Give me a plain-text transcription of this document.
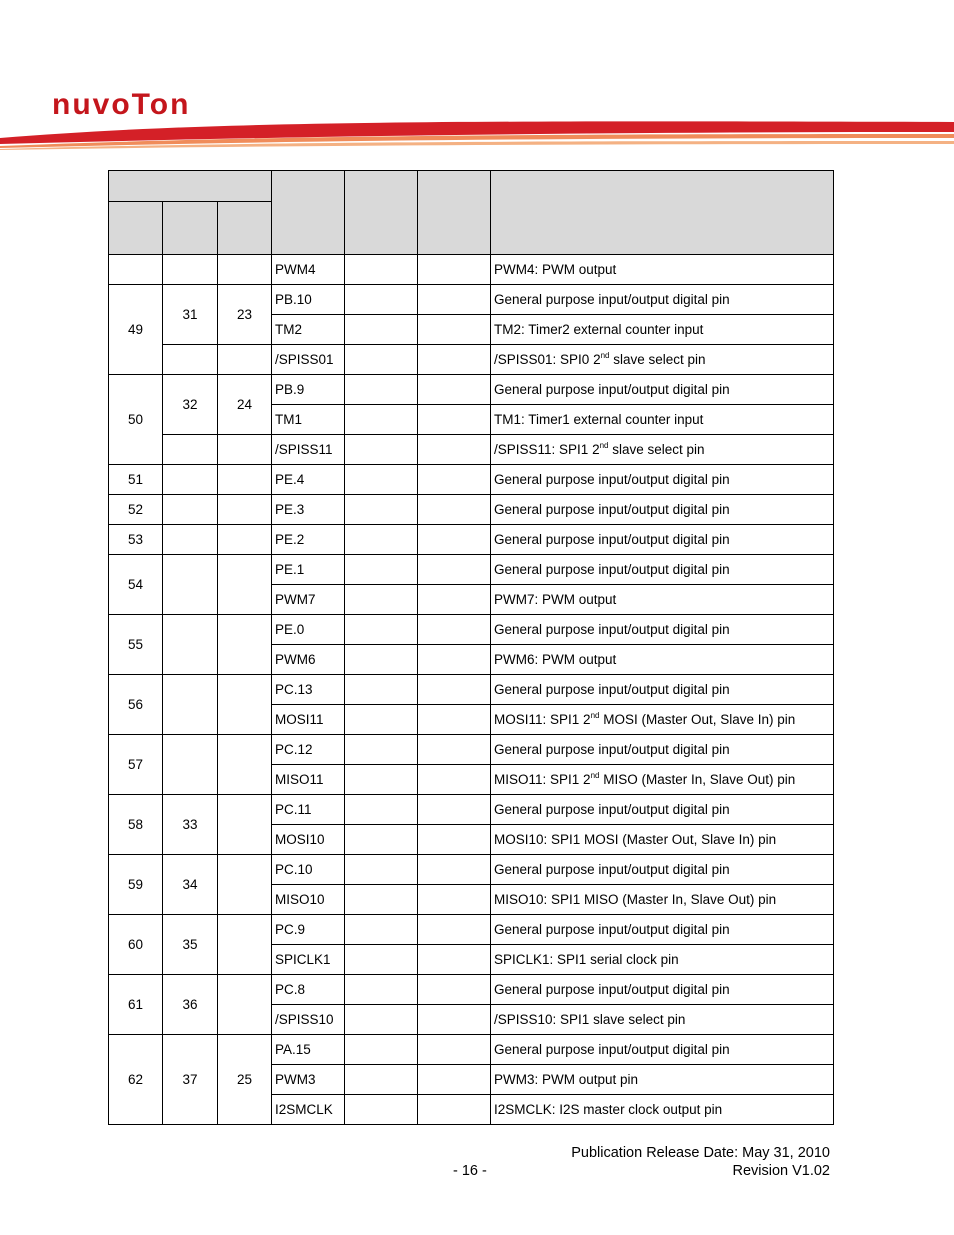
nuvoTon

			PWM4			PWM4: PWM output
49	31	23	PB.10			General purpose input/output digital pin
			TM2			TM2: Timer2 external counter input
			/SPISS01			/SPISS01: SPI0 2nd slave select pin
50	32	24	PB.9			General purpose input/output digital pin
			TM1			TM1: Timer1 external counter input
			/SPISS11			/SPISS11: SPI1 2nd slave select pin
51			PE.4			General purpose input/output digital pin
52			PE.3			General purpose input/output digital pin
53			PE.2			General purpose input/output digital pin
54			PE.1			General purpose input/output digital pin
			PWM7			PWM7: PWM output
55			PE.0			General purpose input/output digital pin
			PWM6			PWM6: PWM output
56			PC.13			General purpose input/output digital pin
			MOSI11			MOSI11: SPI1 2nd MOSI (Master Out, Slave In) pin
57			PC.12			General purpose input/output digital pin
			MISO11			MISO11: SPI1 2nd MISO (Master In, Slave Out) pin
58	33		PC.11			General purpose input/output digital pin
			MOSI10			MOSI10: SPI1 MOSI (Master Out, Slave In) pin
59	34		PC.10			General purpose input/output digital pin
			MISO10			MISO10: SPI1 MISO (Master In, Slave Out) pin
60	35		PC.9			General purpose input/output digital pin
			SPICLK1			SPICLK1: SPI1 serial clock pin
61	36		PC.8			General purpose input/output digital pin
			/SPISS10			/SPISS10: SPI1 slave select pin
62	37	25	PA.15			General purpose input/output digital pin
			PWM3			PWM3: PWM output pin
			I2SMCLK			I2SMCLK: I2S master clock output pin
Publication Release Date: May 31, 2010
- 16 -	Revision V1.02
